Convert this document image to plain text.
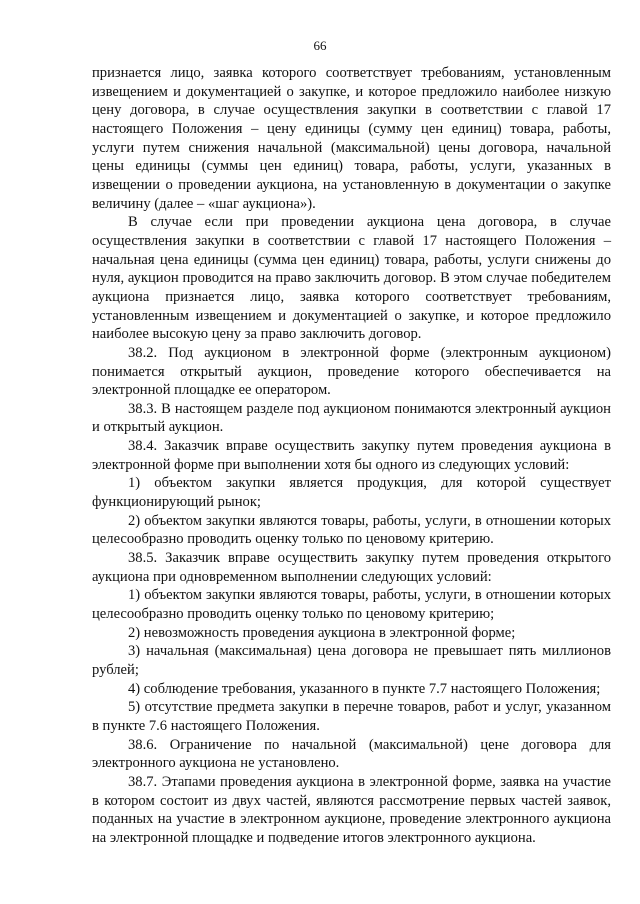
66

признается лицо, заявка которого соответствует требованиям, установленным извещением и документацией о закупке, и которое предложило наиболее низкую цену договора, в случае осуществления закупки в соответствии с главой 17 настоящего Положения – цену единицы (сумму цен единиц) товара, работы, услуги путем снижения начальной (максимальной) цены договора, начальной цены единицы (суммы цен единиц) товара, работы, услуги, указанных в извещении о проведении аукциона, на установленную в документации о закупке величину (далее – «шаг аукциона»).

В случае если при проведении аукциона цена договора, в случае осуществления закупки в соответствии с главой 17 настоящего Положения – начальная цена единицы (сумма цен единиц) товара, работы, услуги снижены до нуля, аукцион проводится на право заключить договор. В этом случае победителем аукциона признается лицо, заявка которого соответствует требованиям, установленным извещением и документацией о закупке, и которое предложило наиболее высокую цену за право заключить договор.

38.2. Под аукционом в электронной форме (электронным аукционом) понимается открытый аукцион, проведение которого обеспечивается на электронной площадке ее оператором.

38.3. В настоящем разделе под аукционом понимаются электронный аукцион и открытый аукцион.

38.4. Заказчик вправе осуществить закупку путем проведения аукциона в электронной форме при выполнении хотя бы одного из следующих условий:

1) объектом закупки является продукция, для которой существует функционирующий рынок;

2) объектом закупки являются товары, работы, услуги, в отношении которых целесообразно проводить оценку только по ценовому критерию.

38.5. Заказчик вправе осуществить закупку путем проведения открытого аукциона при одновременном выполнении следующих условий:

1) объектом закупки являются товары, работы, услуги, в отношении которых целесообразно проводить оценку только по ценовому критерию;

2) невозможность проведения аукциона в электронной форме;

3) начальная (максимальная) цена договора не превышает пять миллионов рублей;

4) соблюдение требования, указанного в пункте 7.7 настоящего Положения;

5) отсутствие предмета закупки в перечне товаров, работ и услуг, указанном в пункте 7.6 настоящего Положения.

38.6. Ограничение по начальной (максимальной) цене договора для электронного аукциона не установлено.

38.7. Этапами проведения аукциона в электронной форме, заявка на участие в котором состоит из двух частей, являются рассмотрение первых частей заявок, поданных на участие в электронном аукционе, проведение электронного аукциона на электронной площадке и подведение итогов электронного аукциона.
